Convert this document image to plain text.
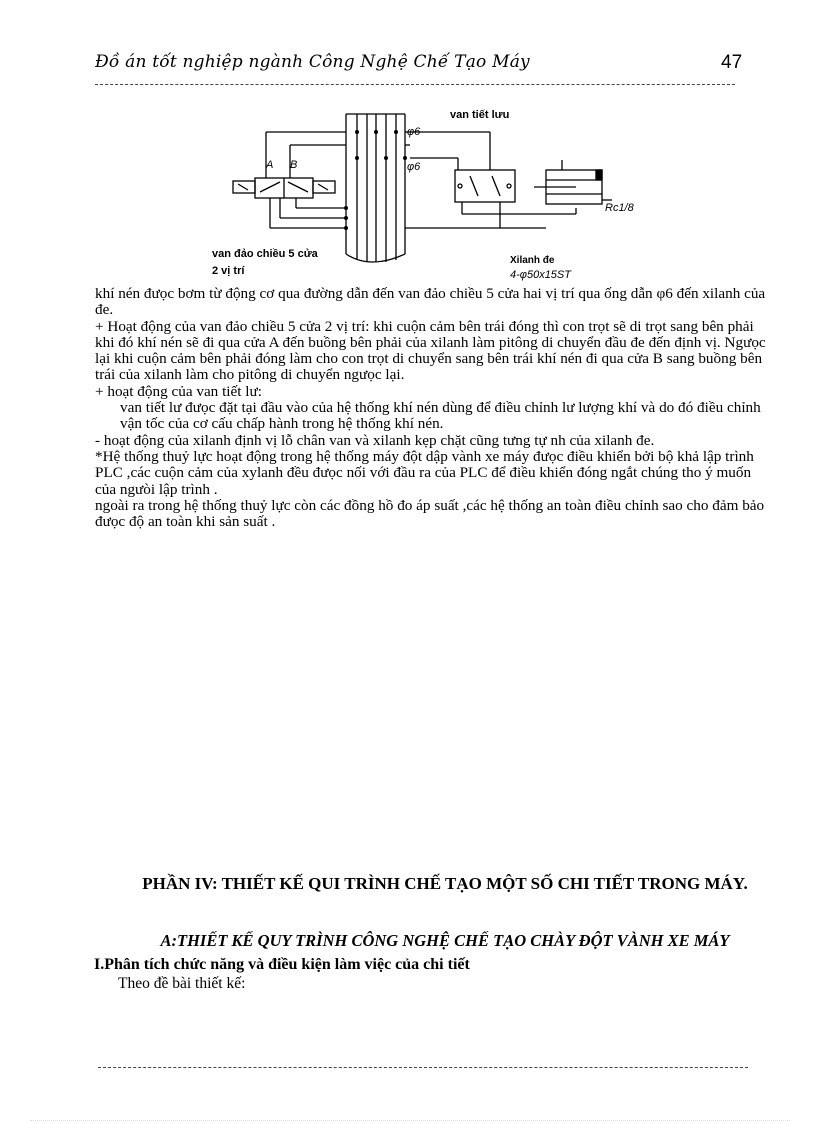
Đồ án tốt nghiệp ngành Công Nghệ Chế Tạo Máy	47
van tiết lưu
φ6
φ6
A B
Rc1/8
van đảo chiều 5 cửa
2 vị trí
Xilanh đe
4-φ50x15ST

khí nén đưọc bơm từ động cơ qua đường dẫn đến van đảo chiều 5 cửa hai vị trí qua ống dẫn φ6 đến xilanh của đe.

+ Hoạt động của van đảo chiều 5 cửa 2 vị trí: khi cuộn cảm bên trái đóng thì con trọt sẽ di trọt sang bên phải khi đó khí nén sẽ đi qua cửa A đến buồng bên phải của xilanh làm pitông di chuyển đầu đe đến định vị. Ngưọc lại khi cuộn cảm bên phải đóng làm cho con trọt di chuyển sang bên trái khí nén đi qua cửa B sang buồng bên trái của xilanh làm cho pitông di chuyển ngưọc lại.

+ hoạt động của van tiết lư:

van tiết lư đưọc đặt tại đầu vào của hệ thống khí nén dùng để điều chỉnh lư lượng khí và do đó điều chỉnh vận tốc của cơ cấu chấp hành trong hệ thống khí nén.

- hoạt động của xilanh định vị lỗ chân van và xilanh kẹp chặt cũng tưng tự nh của xilanh đe.

*Hệ thống thuỷ lực hoạt động trong hệ thống máy đột dập vành xe máy đưọc điều khiển bởi bộ khả lập trình PLC ,các cuộn cảm của xylanh đều đưọc nối với đầu ra của PLC để điều khiển đóng ngắt chúng tho ý muốn của ngưòi lập trình .

ngoài ra trong hệ thống thuỷ lực còn các đồng hồ đo áp suất ,các hệ thống an toàn điều chỉnh sao cho đảm bảo đưọc độ an toàn khi sản suất .

PHẦN IV: THIẾT KẾ QUI TRÌNH CHẾ TẠO MỘT SỐ CHI TIẾT TRONG MÁY.
A:THIẾT KẾ QUY TRÌNH CÔNG NGHỆ CHẾ TẠO CHÀY ĐỘT VÀNH XE MÁY
I.Phân tích chức năng và điều kiện làm việc của chi tiết
Theo đề bài thiết kế:
